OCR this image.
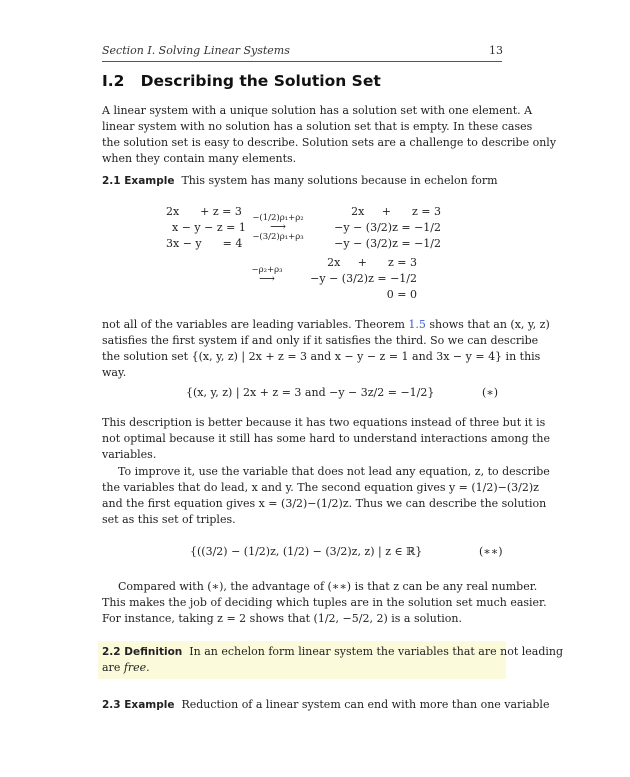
Section I. Solving Linear Systems	13
I.2 Describing the Solution Set
A linear system with a unique solution has a solution set with one element. A
linear system with no solution has a solution set that is empty. In these cases
the solution set is easy to describe. Solution sets are a challenge to describe only
when they contain many elements.
2.1 Example This system has many solutions because in echelon form
2x      + z = 3
x − y − z = 1
3x − y      = 4
−(1/2)ρ₁+ρ₂
⟶
−(3/2)ρ₁+ρ₃
2x     +      z = 3
−y − (3/2)z = −1/2
−y − (3/2)z = −1/2
−ρ₂+ρ₃
⟶
2x     +      z = 3
−y − (3/2)z = −1/2
0 = 0
not all of the variables are leading variables. Theorem 1.5 shows that an (x, y, z)
satisfies the first system if and only if it satisfies the third. So we can describe
the solution set {(x, y, z) | 2x + z = 3 and x − y − z = 1 and 3x − y = 4} in this
way.
{(x, y, z) | 2x + z = 3 and −y − 3z/2 = −1/2}	(∗)
This description is better because it has two equations instead of three but it is
not optimal because it still has some hard to understand interactions among the
variables.
To improve it, use the variable that does not lead any equation, z, to describe
the variables that do lead, x and y. The second equation gives y = (1/2)−(3/2)z
and the first equation gives x = (3/2)−(1/2)z. Thus we can describe the solution
set as this set of triples.
{((3/2) − (1/2)z, (1/2) − (3/2)z, z) | z ∈ ℝ}	(∗∗)
Compared with (∗), the advantage of (∗∗) is that z can be any real number.
This makes the job of deciding which tuples are in the solution set much easier.
For instance, taking z = 2 shows that (1/2, −5/2, 2) is a solution.
2.2 Definition In an echelon form linear system the variables that are not leading
are free.
2.3 Example Reduction of a linear system can end with more than one variable
